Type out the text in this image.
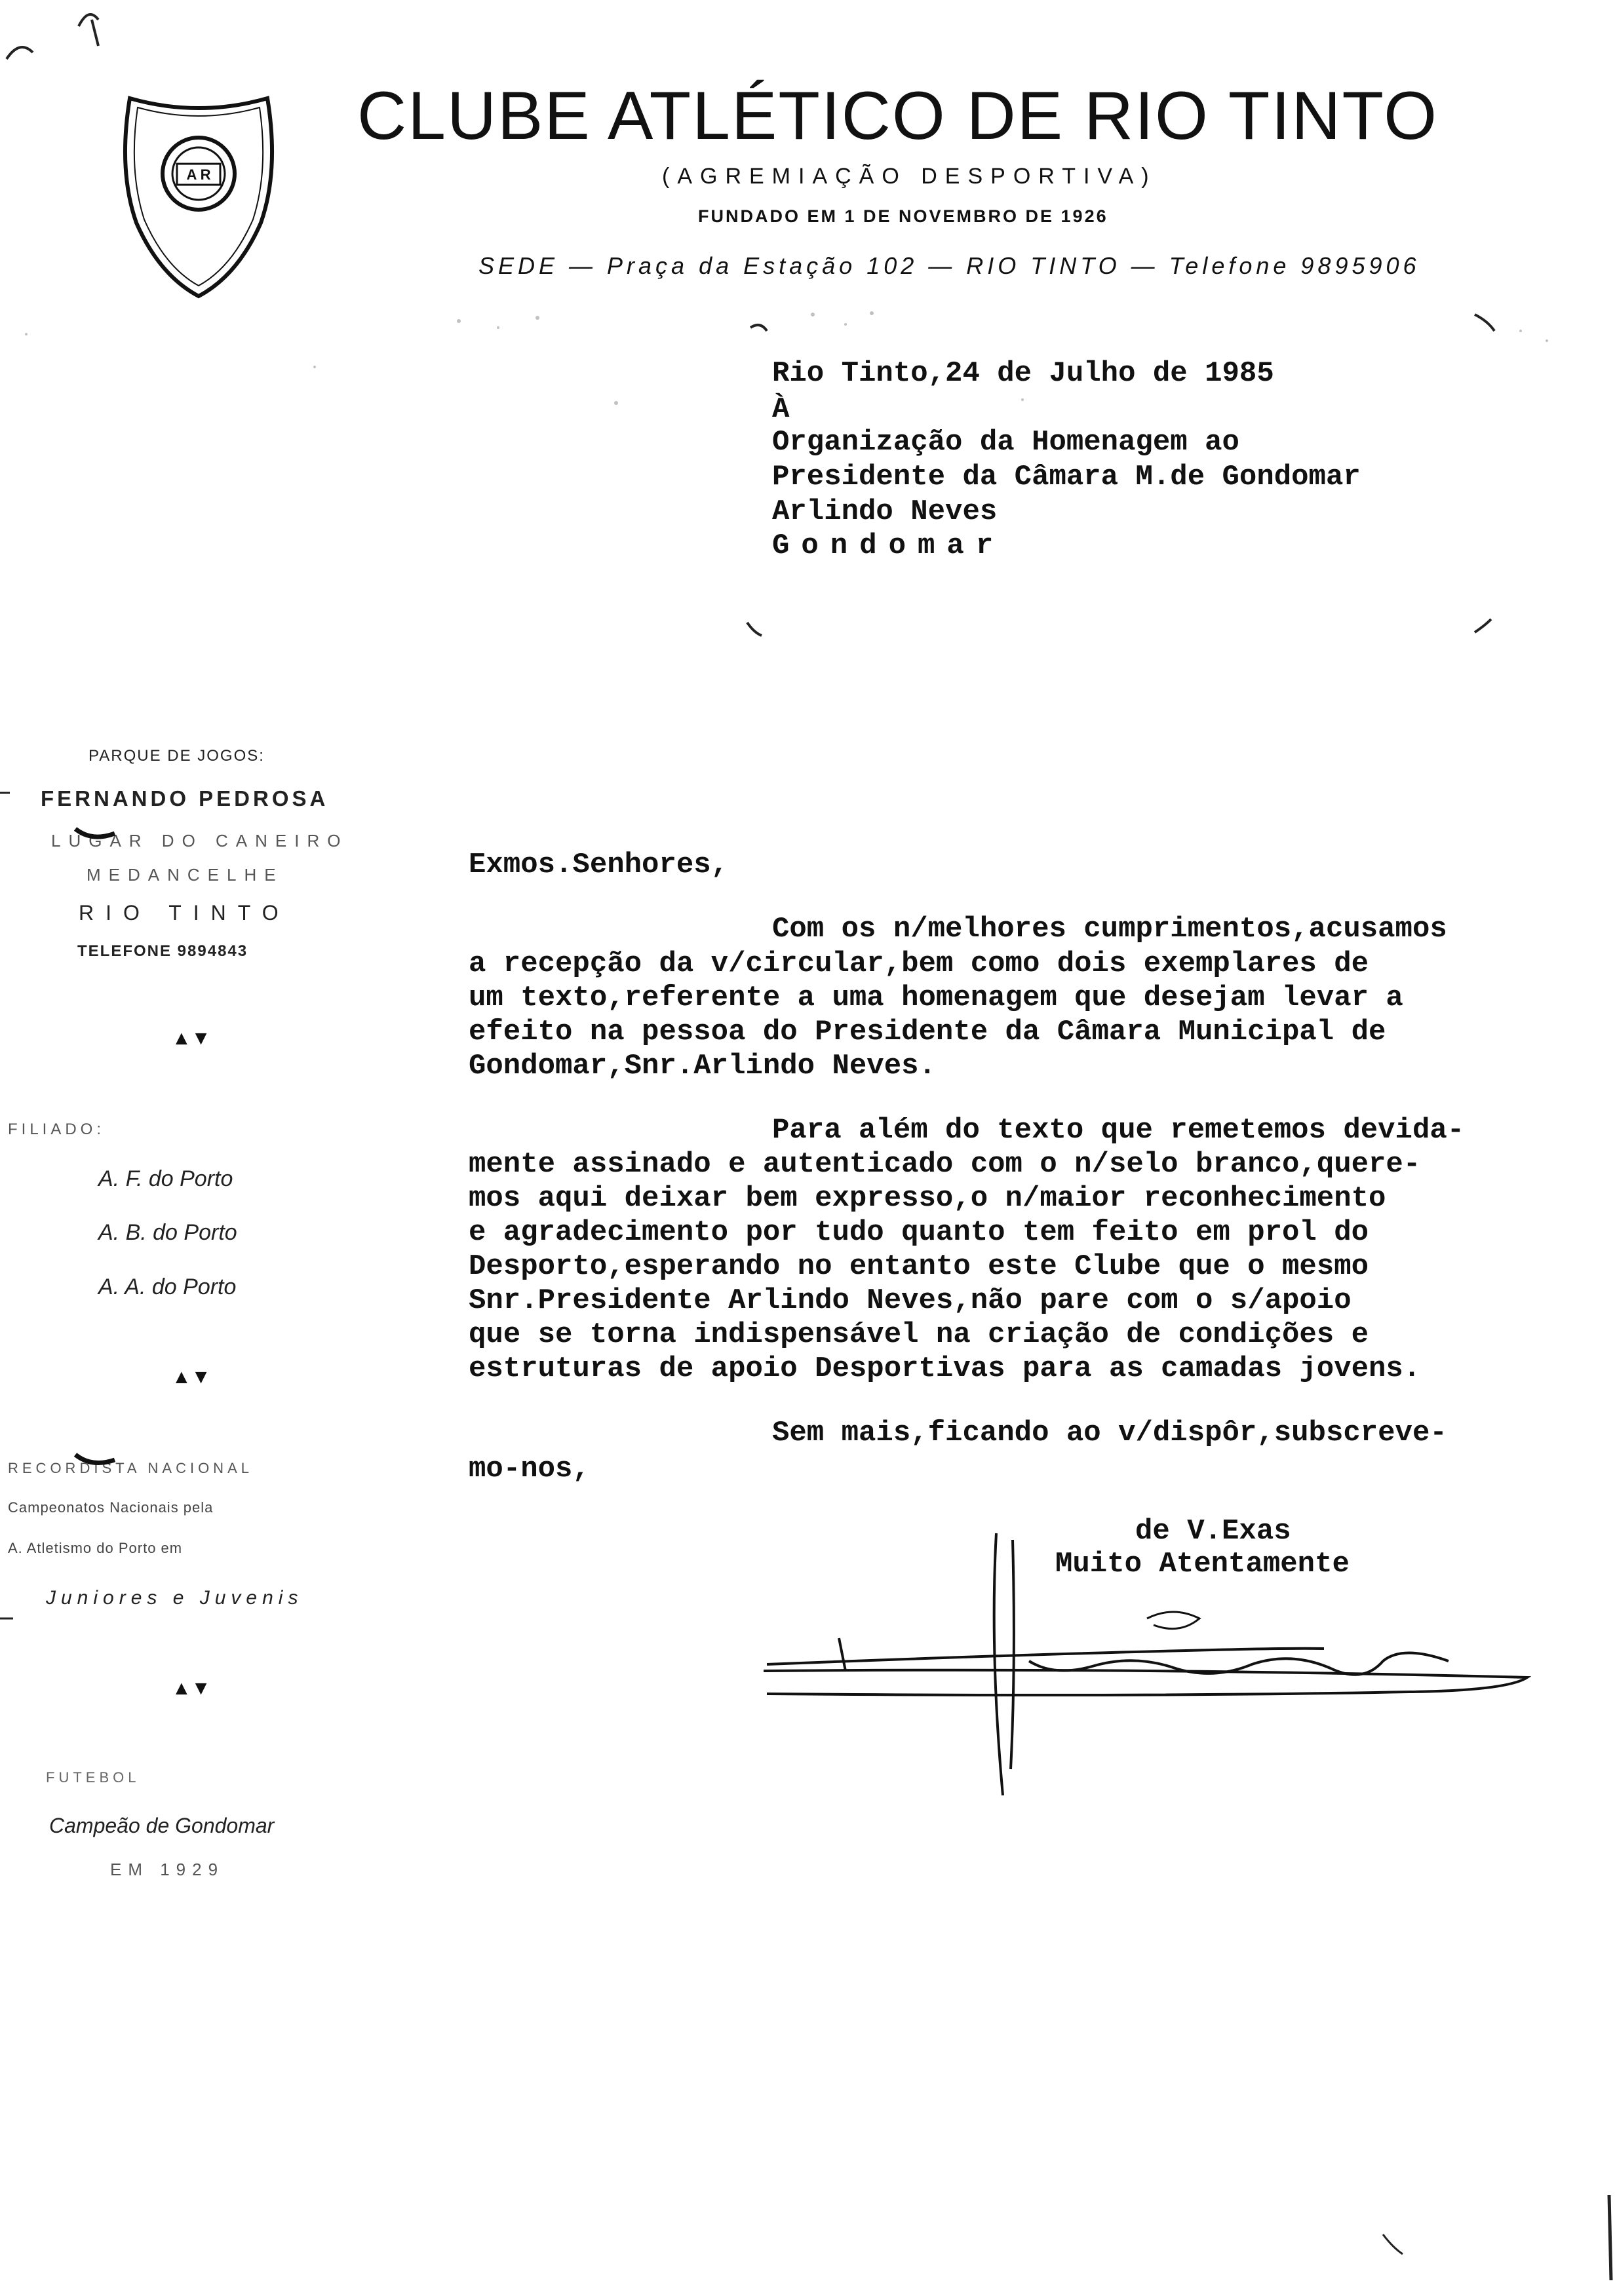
A R
CLUBE ATLÉTICO DE RIO TINTO
(AGREMIAÇÃO DESPORTIVA)
FUNDADO EM 1 DE NOVEMBRO DE 1926
SEDE — Praça da Estação 102 — RIO TINTO — Telefone 9895906
Rio Tinto,24 de Julho de 1985
À
Organização da Homenagem ao
Presidente da Câmara M.de Gondomar
Arlindo Neves
Gondomar
PARQUE DE JOGOS:
FERNANDO PEDROSA
LUGAR DO CANEIRO
MEDANCELHE
RIO TINTO
TELEFONE 9894843
▲▼
FILIADO:
A. F. do Porto
A. B. do Porto
A. A. do Porto
▲▼
RECORDISTA NACIONAL
Campeonatos Nacionais pela
A. Atletismo do Porto em
Juniores e Juvenis
▲▼
FUTEBOL
Campeão de Gondomar
EM 1929
Exmos.Senhores,
Com os n/melhores cumprimentos,acusamos
a recepção da v/circular,bem como dois exemplares de
um texto,referente a uma homenagem que desejam levar a
efeito na pessoa do Presidente da Câmara Municipal de
Gondomar,Snr.Arlindo Neves.
Para além do texto que remetemos devida-
mente assinado e autenticado com o n/selo branco,quere-
mos aqui deixar bem expresso,o n/maior reconhecimento
e agradecimento por tudo quanto tem feito em prol do
Desporto,esperando no entanto este Clube que o mesmo
Snr.Presidente Arlindo Neves,não pare com o s/apoio
que se torna indispensável na criação de condições e
estruturas de apoio Desportivas para as camadas jovens.
Sem mais,ficando ao v/dispôr,subscreve-
mo-nos,
de V.Exas
Muito Atentamente
